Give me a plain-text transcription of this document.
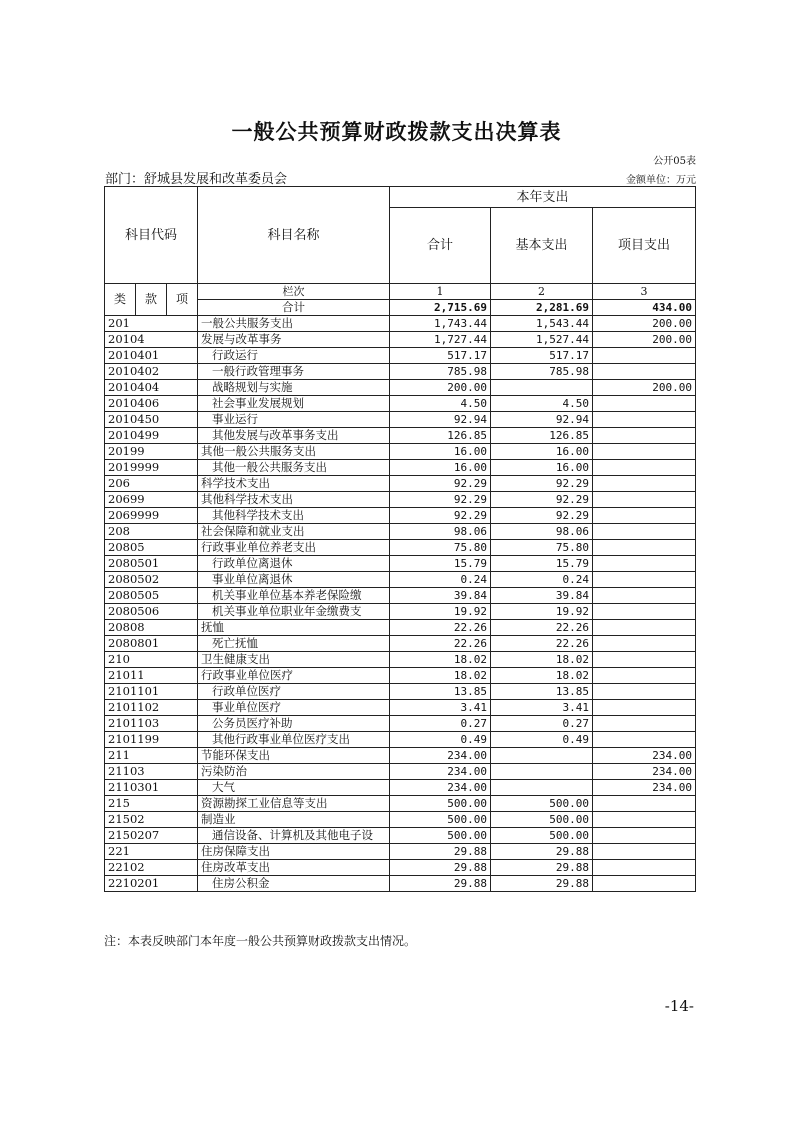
一般公共预算财政拨款支出决算表
公开05表
部门：舒城县发展和改革委员会	金额单位：万元
科目代码			科目名称	本年支出		
				合计	基本支出	项目支出
类	款	项	栏次	1	2	3
			合计	2,715.69	2,281.69	434.00
201			一般公共服务支出	1,743.44	1,543.44	200.00
20104			发展与改革事务	1,727.44	1,527.44	200.00
2010401			行政运行	517.17	517.17	
2010402			一般行政管理事务	785.98	785.98	
2010404			战略规划与实施	200.00		200.00
2010406			社会事业发展规划	4.50	4.50	
2010450			事业运行	92.94	92.94	
2010499			其他发展与改革事务支出	126.85	126.85	
20199			其他一般公共服务支出	16.00	16.00	
2019999			其他一般公共服务支出	16.00	16.00	
206			科学技术支出	92.29	92.29	
20699			其他科学技术支出	92.29	92.29	
2069999			其他科学技术支出	92.29	92.29	
208			社会保障和就业支出	98.06	98.06	
20805			行政事业单位养老支出	75.80	75.80	
2080501			行政单位离退休	15.79	15.79	
2080502			事业单位离退休	0.24	0.24	
2080505			机关事业单位基本养老保险缴	39.84	39.84	
2080506			机关事业单位职业年金缴费支	19.92	19.92	
20808			抚恤	22.26	22.26	
2080801			死亡抚恤	22.26	22.26	
210			卫生健康支出	18.02	18.02	
21011			行政事业单位医疗	18.02	18.02	
2101101			行政单位医疗	13.85	13.85	
2101102			事业单位医疗	3.41	3.41	
2101103			公务员医疗补助	0.27	0.27	
2101199			其他行政事业单位医疗支出	0.49	0.49	
211			节能环保支出	234.00		234.00
21103			污染防治	234.00		234.00
2110301			大气	234.00		234.00
215			资源勘探工业信息等支出	500.00	500.00	
21502			制造业	500.00	500.00	
2150207			通信设备、计算机及其他电子设	500.00	500.00	
221			住房保障支出	29.88	29.88	
22102			住房改革支出	29.88	29.88	
2210201			住房公积金	29.88	29.88	
注：本表反映部门本年度一般公共预算财政拨款支出情况。
-14-
